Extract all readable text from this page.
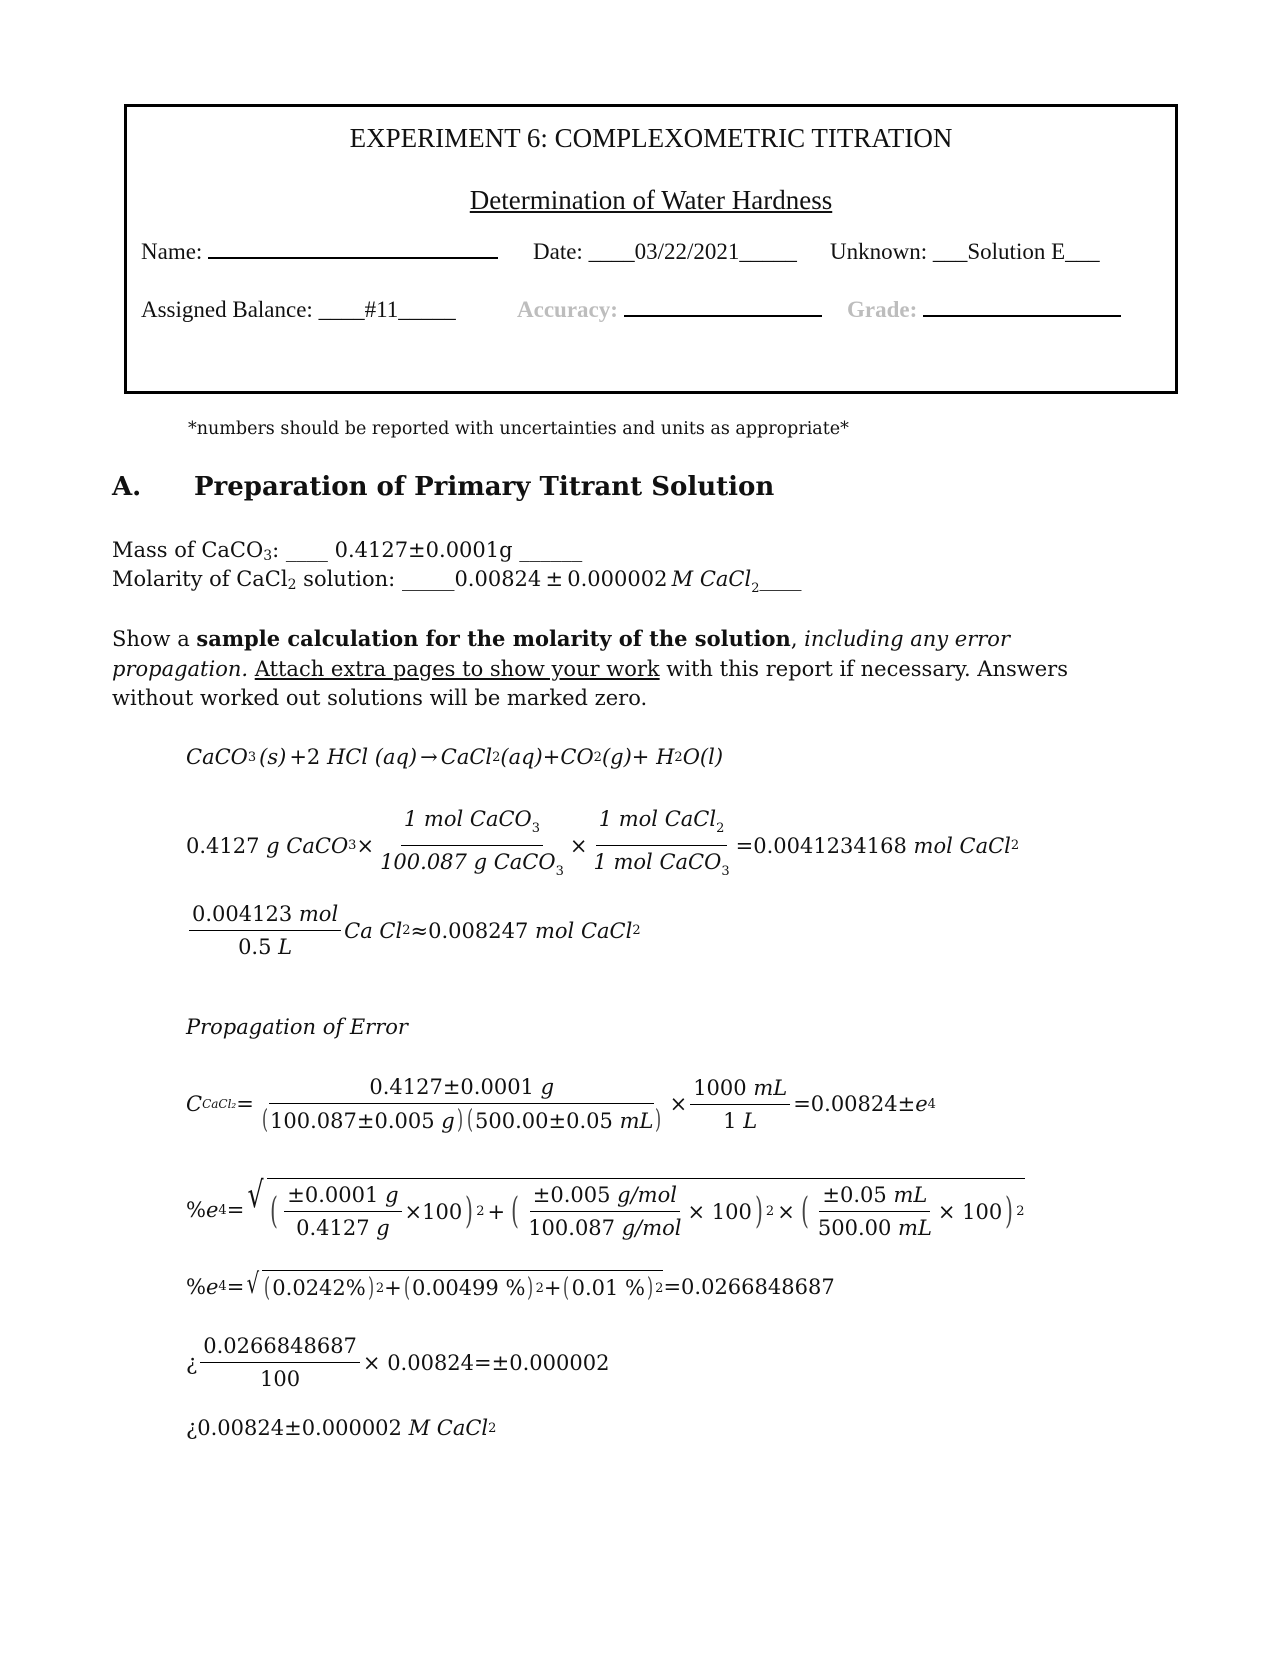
EXPERIMENT 6: COMPLEXOMETRIC TITRATION
Determination of Water Hardness
Name:	Date: ____03/22/2021_____ Unknown: ___Solution E___
Assigned Balance: ____#11_____	Accuracy:	Grade:
*numbers should be reported with uncertainties and units as appropriate*
A. Preparation of Primary Titrant Solution
Mass of CaCO$_3$: ____ 0.4127±0.0001g ______
Molarity of CaCl$_2$ solution: _____0.00824 ± 0.000002 M CaCl$_2$____
Show a sample calculation for the molarity of the solution, including any error propagation. Attach extra pages to show your work with this report if necessary. Answers without worked out solutions will be marked zero.
CaCO 3 (s) +2
HCl
(aq) → CaCl 2 (aq) + CO 2 (g) +
H 2 O (l)
0.4127
g CaCO $3 \times \frac{1 mol CaCO_3}{100.087 g CaCO_3} \times \frac{1 mol CaCl_2}{1 mol CaCO_3} =0.0041234168$
mol CaCl 2
$\frac{\text{0.004123 mol}}{0.5 L}$ Ca Cl 2 ≈0.008247
mol CaCl 2
Propagation of Error
C CaCl₂ = $\frac{0.4127\pm 0.0001 g}{(100.087\pm 0.005 g) (500.00\pm 0.05 mL)} \times \frac{1000 mL}{1 L} =0.00824\pm e$ 4
% e 4 = √ ( $\frac{\pm 0.0001 g}{0.4127 g} \times 100$ ) 2 + ( $\frac{\text{±0.005 g/mol}}{\text{100.087 g/mol}} \times 100$ ) 2 × ( $\frac{\pm 0.05 mL}{500.00 mL} \times 100$ ) 2
% e 4 = √ ( 0.0242% ) 2 + ( 0.00499 % ) 2 + ( 0.01 % ) 2 =0.0266848687
¿ $\frac{0.0266848687}{100} \times 0.00824=\pm 0.000002$
¿0.00824±0.000002
M CaCl 2
